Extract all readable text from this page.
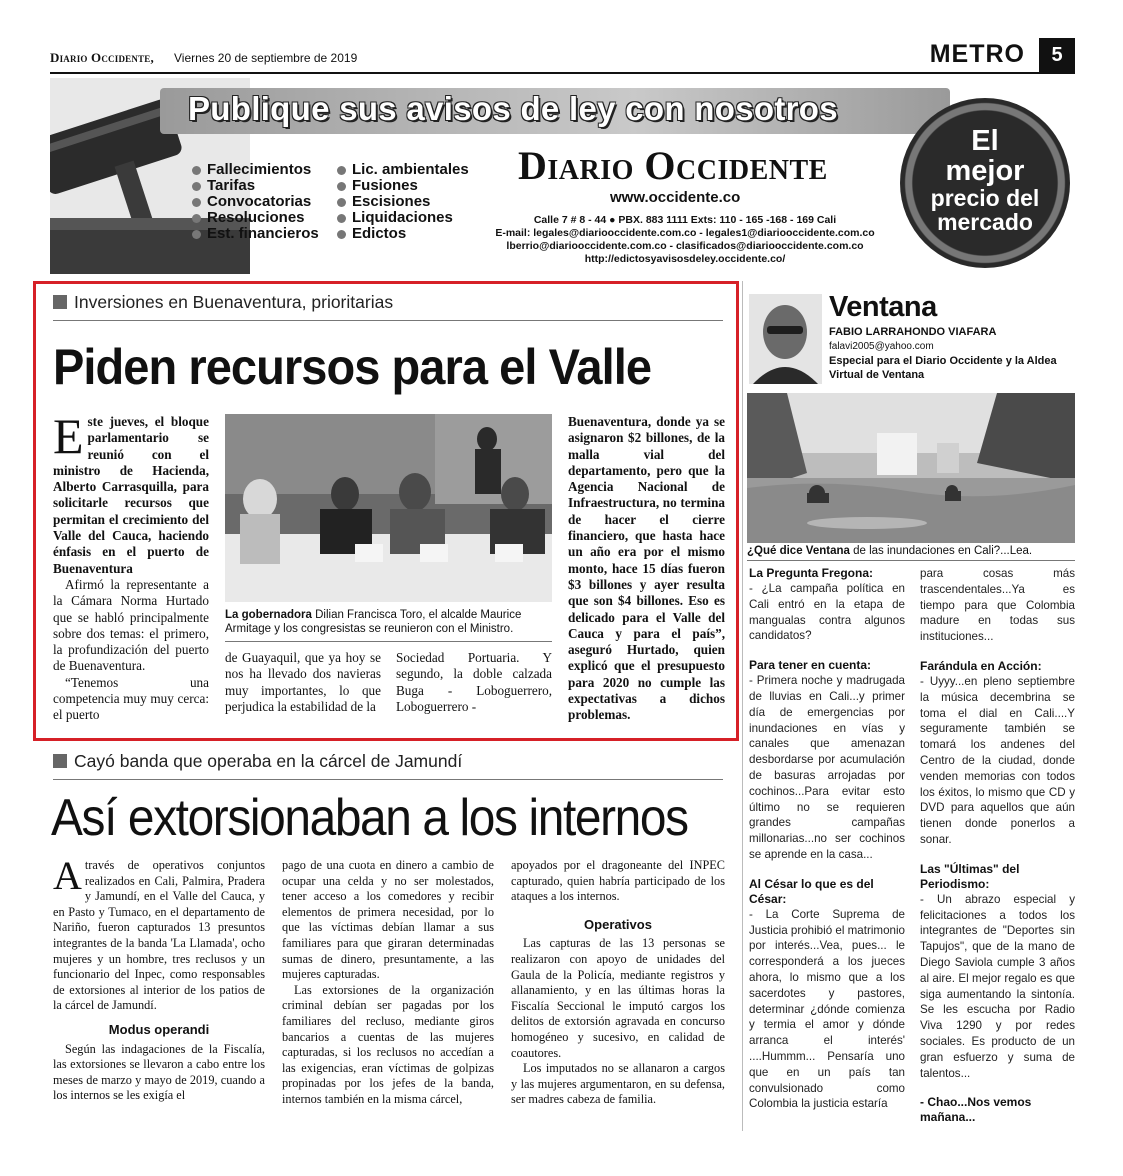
Diario Occidente, Viernes 20 de septiembre de 2019	METRO	5
Publique sus avisos de ley con nosotros
Fallecimientos
Tarifas
Convocatorias
Resoluciones
Est. financieros
Lic. ambientales
Fusiones
Escisiones
Liquidaciones
Edictos
Diario Occidente
www.occidente.co
Calle 7 # 8 - 44 ● PBX. 883 1111 Exts: 110 - 165 -168 - 169 Cali
E-mail: legales@diariooccidente.com.co - legales1@diariooccidente.com.co
lberrio@diariooccidente.com.co - clasificados@diariooccidente.com.co
http://edictosyavisosdeley.occidente.co/
El
mejor
precio del
mercado
Inversiones en Buenaventura, prioritarias
Piden recursos para el Valle

Este jueves, el bloque parlamentario se reunió con el ministro de Hacienda, Alberto Carrasquilla, para solicitarle recursos que permitan el crecimiento del Valle del Cauca, haciendo énfasis en el puerto de Buenaventura

Afirmó la representante a la Cámara Norma Hurtado que se habló principalmente sobre dos temas: el primero, la profundización del puerto de Buenaventura.

“Tenemos una competencia muy muy cerca: el puerto

La gobernadora Dilian Francisca Toro, el alcalde Maurice Armitage y los congresistas se reunieron con el Ministro.

de Guayaquil, que ya hoy se nos ha llevado dos navieras muy importantes, lo que perjudica la estabilidad de la

Sociedad Portuaria. Y segundo, la doble calzada Buga - Loboguerrero, Loboguerrero -

Buenaventura, donde ya se asignaron $2 billones, de la malla vial del departamento, pero que la Agencia Nacional de Infraestructura, no termina de hacer el cierre financiero, que hasta hace un año era por el mismo monto, hace 15 días fueron $3 billones y ayer resulta que son $4 billones. Eso es delicado para el Valle del Cauca y para el país”, aseguró Hurtado, quien explicó que el presupuesto para 2020 no cumple las expectativas a dichos problemas.

Cayó banda que operaba en la cárcel de Jamundí
Así extorsionaban a los internos

Através de operativos conjuntos realizados en Cali, Palmira, Pradera y Jamundí, en el Valle del Cauca, y en Pasto y Tumaco, en el departamento de Nariño, fueron capturados 13 presuntos integrantes de la banda 'La Llamada', ocho mujeres y un hombre, tres reclusos y un funcionario del Inpec, como responsables de extorsiones al interior de los patios de la cárcel de Jamundí.

Modus operandi

Según las indagaciones de la Fiscalía, las extorsiones se llevaron a cabo entre los meses de marzo y mayo de 2019, cuando a los internos se les exigía el

pago de una cuota en dinero a cambio de ocupar una celda y no ser molestados, tener acceso a los comedores y recibir elementos de primera necesidad, por lo que las víctimas debían llamar a sus familiares para que giraran determinadas sumas de dinero, presuntamente, a las mujeres capturadas.

Las extorsiones de la organización criminal debían ser pagadas por los familiares del recluso, mediante giros bancarios a cuentas de las mujeres capturadas, si los reclusos no accedían a las exigencias, eran víctimas de golpizas propinadas por los jefes de la banda, internos también en la misma cárcel,

apoyados por el dragoneante del INPEC capturado, quien habría participado de los ataques a los internos.

Operativos

Las capturas de las 13 personas se realizaron con apoyo de unidades del Gaula de la Policía, mediante registros y allanamiento, y en las últimas horas la Fiscalía Seccional le imputó cargos los delitos de extorsión agravada en concurso homogéneo y sucesivo, en calidad de coautores.

Los imputados no se allanaron a cargos y las mujeres argumentaron, en su defensa, ser madres cabeza de familia.

Ventana
FABIO LARRAHONDO VIAFARA
falavi2005@yahoo.com
Especial para el Diario Occidente y la Aldea Virtual de Ventana
¿Qué dice Ventana de las inundaciones en Cali?...Lea.
La Pregunta Fregona:

- ¿La campaña política en Cali entró en la etapa de mangualas contra algunos candidatos?

Para tener en cuenta:

- Primera noche y madrugada de lluvias en Cali...y primer día de emergencias por inundaciones en vías y canales que amenazan desbordarse por acumulación de basuras arrojadas por cochinos...Para evitar esto último no se requieren grandes campañas millonarias...no ser cochinos se aprende en la casa...

Al César lo que es del César:

- La Corte Suprema de Justicia prohibió el matrimonio por interés...Vea, pues... le corresponderá a los jueces ahora, lo mismo que a los sacerdotes y pastores, determinar ¿dónde comienza y termia el amor y dónde arranca el interés' ....Hummm... Pensaría uno que en un país tan convulsionado como Colombia la justicia estaría

para cosas más trascendentales...Ya es tiempo para que Colombia madure en todas sus instituciones...

Farándula en Acción:

- Uyyy...en pleno septiembre la música decembrina se toma el dial en Cali....Y seguramente también se tomará los andenes del Centro de la ciudad, donde venden memorias con todos los éxitos, lo mismo que CD y DVD para aquellos que aún tienen donde ponerlos a sonar.

Las "Últimas" del Periodismo:

- Un abrazo especial y felicitaciones a todos los integrantes de "Deportes sin Tapujos", que de la mano de Diego Saviola cumple 3 años al aire. El mejor regalo es que siga aumentando la sintonía. Se les escucha por Radio Viva 1290 y por redes sociales. Es producto de un gran esfuerzo y suma de talentos...

- Chao...Nos vemos mañana...
